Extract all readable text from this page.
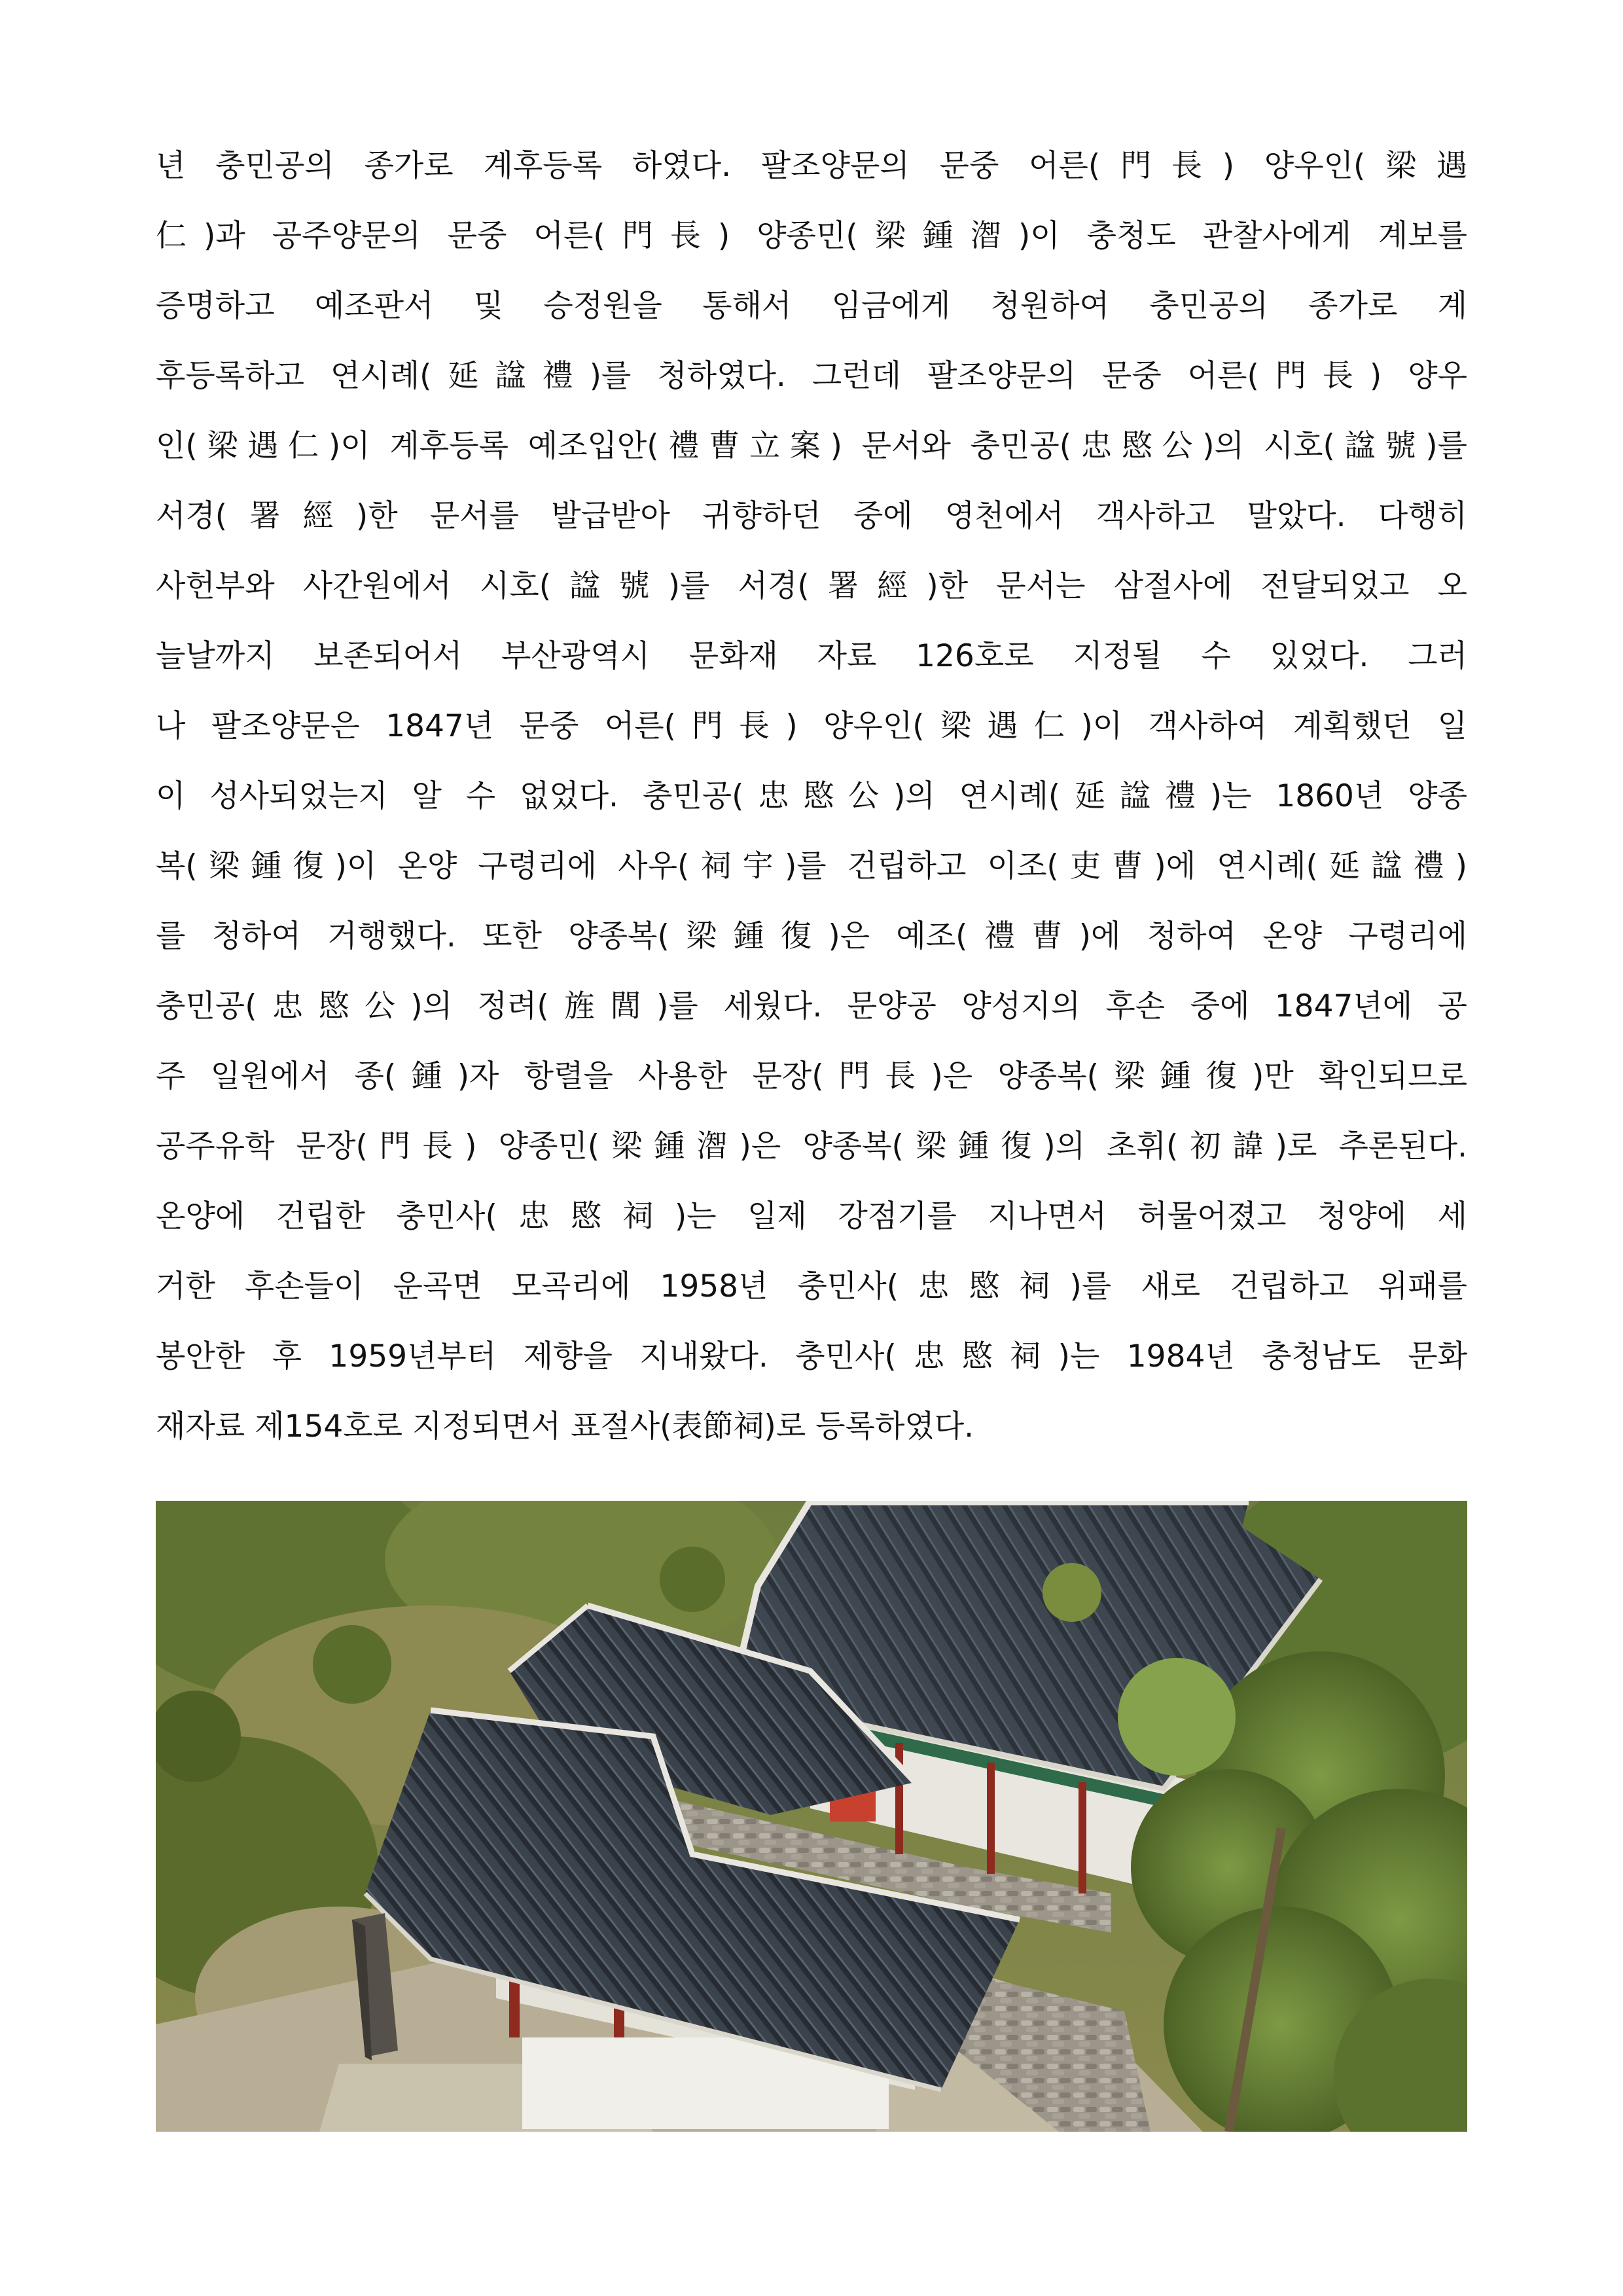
년 충민공의 종가로 계후등록 하였다. 팔조양문의 문중 어른(門長) 양우인(梁遇
仁)과 공주양문의 문중 어른(門長) 양종민(梁鍾潪)이 충청도 관찰사에게 계보를
증명하고 예조판서 및 승정원을 통해서 임금에게 청원하여 충민공의 종가로 계
후등록하고 연시례(延諡禮)를 청하였다. 그런데 팔조양문의 문중 어른(門長) 양우
인(梁遇仁)이 계후등록 예조입안(禮曹立案) 문서와 충민공(忠愍公)의 시호(諡號)를
서경(署經)한 문서를 발급받아 귀향하던 중에 영천에서 객사하고 말았다. 다행히
사헌부와 사간원에서 시호(諡號)를 서경(署經)한 문서는 삼절사에 전달되었고 오
늘날까지 보존되어서 부산광역시 문화재 자료 126호로 지정될 수 있었다. 그러
나 팔조양문은 1847년 문중 어른(門長) 양우인(梁遇仁)이 객사하여 계획했던 일
이 성사되었는지 알 수 없었다. 충민공(忠愍公)의 연시례(延諡禮)는 1860년 양종
복(梁鍾復)이 온양 구령리에 사우(祠宇)를 건립하고 이조(吏曹)에 연시례(延諡禮)
를 청하여 거행했다. 또한 양종복(梁鍾復)은 예조(禮曹)에 청하여 온양 구령리에
충민공(忠愍公)의 정려(旌閭)를 세웠다. 문양공 양성지의 후손 중에 1847년에 공
주 일원에서 종(鍾)자 항렬을 사용한 문장(門長)은 양종복(梁鍾復)만 확인되므로
공주유학 문장(門長) 양종민(梁鍾潪)은 양종복(梁鍾復)의 초휘(初諱)로 추론된다.
온양에 건립한 충민사(忠愍祠)는 일제 강점기를 지나면서 허물어졌고 청양에 세
거한 후손들이 운곡면 모곡리에 1958년 충민사(忠愍祠)를 새로 건립하고 위패를
봉안한 후 1959년부터 제향을 지내왔다. 충민사(忠愍祠)는 1984년 충청남도 문화
재자료 제154호로 지정되면서 표절사(表節祠)로 등록하였다.
